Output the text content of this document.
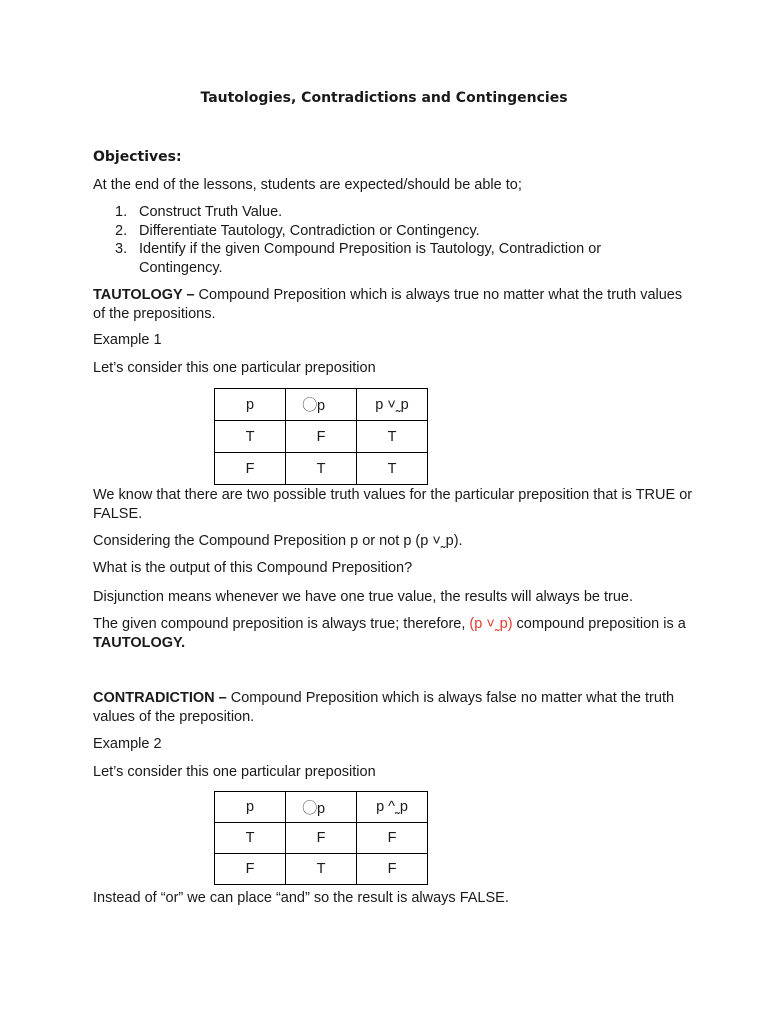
Tautologies, Contradictions and Contingencies
Objectives:
At the end of the lessons, students are expected/should be able to;
1. Construct Truth Value.
2. Differentiate Tautology, Contradiction or Contingency.
3. Identify if the given Compound Preposition is Tautology, Contradiction or Contingency.
TAUTOLOGY – Compound Preposition which is always true no matter what the truth values of the prepositions.
Example 1
Let’s consider this one particular preposition
p	⃝p	p ˅˷p
T	F	T
F	T	T
We know that there are two possible truth values for the particular preposition that is TRUE or FALSE.
Considering the Compound Preposition p or not p (p ˅˷p).
What is the output of this Compound Preposition?
Disjunction means whenever we have one true value, the results will always be true.
The given compound preposition is always true; therefore, (p ˅˷p) compound preposition is a TAUTOLOGY.
CONTRADICTION – Compound Preposition which is always false no matter what the truth values of the preposition.
Example 2
Let’s consider this one particular preposition
p	⃝p	p ^˷p
T	F	F
F	T	F
Instead of “or” we can place “and” so the result is always FALSE.
